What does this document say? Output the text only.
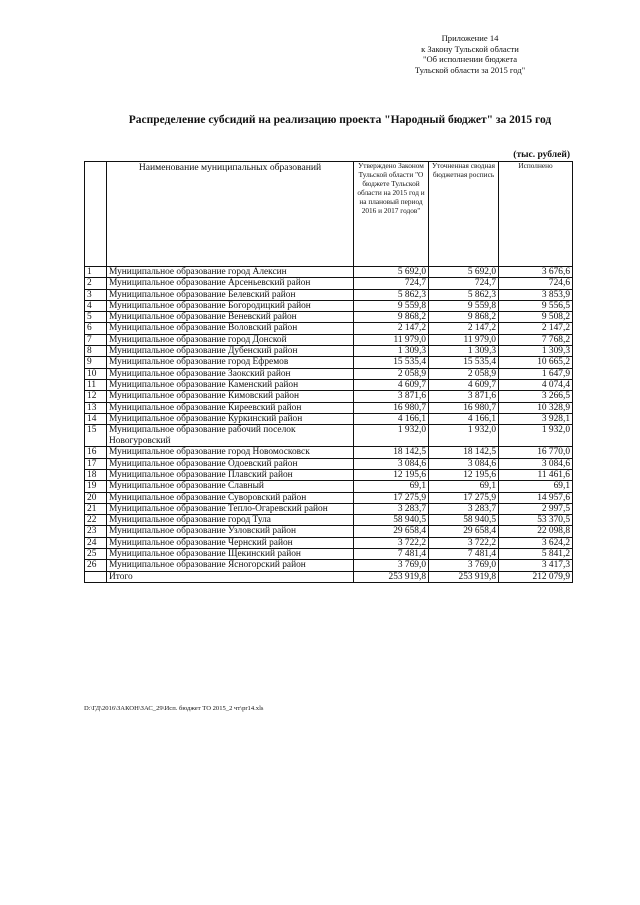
Приложение 14
к Закону Тульской области
"Об исполнении бюджета
Тульской области за 2015 год"
Распределение субсидий на реализацию проекта "Народный бюджет" за 2015 год
(тыс. рублей)
	Наименование муниципальных образований	Утверждено Законом Тульской области "О бюджете Тульской области на 2015 год и на плановый период 2016 и 2017 годов"	Уточненная сводная бюджетная роспись	Исполнено
1	Муниципальное образование город Алексин	5 692,0	5 692,0	3 676,6
2	Муниципальное образование Арсеньевский район	724,7	724,7	724,6
3	Муниципальное образование Белевский район	5 862,3	5 862,3	3 853,9
4	Муниципальное образование Богородицкий район	9 559,8	9 559,8	9 556,5
5	Муниципальное образование Веневский район	9 868,2	9 868,2	9 508,2
6	Муниципальное образование Воловский район	2 147,2	2 147,2	2 147,2
7	Муниципальное образование город Донской	11 979,0	11 979,0	7 768,2
8	Муниципальное образование Дубенский район	1 309,3	1 309,3	1 309,3
9	Муниципальное образование город Ефремов	15 535,4	15 535,4	10 665,2
10	Муниципальное образование Заокский район	2 058,9	2 058,9	1 647,9
11	Муниципальное образование Каменский район	4 609,7	4 609,7	4 074,4
12	Муниципальное образование Кимовский район	3 871,6	3 871,6	3 266,5
13	Муниципальное образование Киреевский район	16 980,7	16 980,7	10 328,9
14	Муниципальное образование Куркинский район	4 166,1	4 166,1	3 928,1
15	Муниципальное образование рабочий поселок Новогуровский	1 932,0	1 932,0	1 932,0
16	Муниципальное образование город Новомосковск	18 142,5	18 142,5	16 770,0
17	Муниципальное образование Одоевский район	3 084,6	3 084,6	3 084,6
18	Муниципальное образование Плавский район	12 195,6	12 195,6	11 461,6
19	Муниципальное образование Славный	69,1	69,1	69,1
20	Муниципальное образование Суворовский район	17 275,9	17 275,9	14 957,6
21	Муниципальное образование Тепло-Огаревский район	3 283,7	3 283,7	2 997,5
22	Муниципальное образование город Тула	58 940,5	58 940,5	53 370,5
23	Муниципальное образование Узловский район	29 658,4	29 658,4	22 098,8
24	Муниципальное образование Чернский район	3 722,2	3 722,2	3 624,2
25	Муниципальное образование Щекинский район	7 481,4	7 481,4	5 841,2
26	Муниципальное образование Ясногорский район	3 769,0	3 769,0	3 417,3
	Итого	253 919,8	253 919,8	212 079,9
D:\ГД\2016\ЗАКОН\ЗАС_29\Исп. бюджет ТО 2015_2 чт\рr14.xls
